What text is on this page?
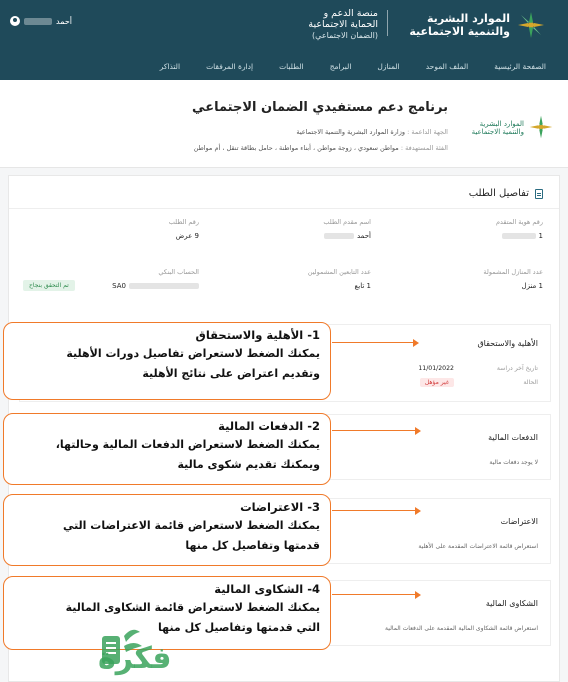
الموارد البشرية
والتنمية الاجتماعية
منصة الدعم و
الحماية الاجتماعية
(الضمان الاجتماعي)
أحمد
الصفحة الرئيسية
الملف الموحد
المنازل
البرامج
الطلبات
إدارة المرفقات
التذاكر
الموارد البشرية
والتنمية الاجتماعية
برنامج دعم مستفيدي الضمان الاجتماعي
الجهة الداعمة : وزارة الموارد البشرية والتنمية الاجتماعية
الفئة المستهدفة : مواطن سعودي ، زوجة مواطن ، أبناء مواطنة ، حامل بطاقة تنقل ، أم مواطن
تفاصيل الطلب
رقم هوية المتقدم
1
اسم مقدم الطلب
أحمد
رقم الطلب
9 عرض
عدد المنازل المشمولة
1 منزل
عدد التابعين المشمولين
1 تابع
الحساب البنكي
SA0
تم التحقق بنجاح
الأهلية والاستحقاق
تاريخ آخر دراسة
11/01/2022
الحالة
غير مؤهل
الدفعات المالية
لا يوجد دفعات مالية
الاعتراضات
استعراض قائمة الاعتراضات المقدمة على الأهلية
الشكاوى المالية
استعراض قائمة الشكاوى المالية المقدمة على الدفعات المالية
1- الأهلية والاستحقاق
يمكنك الضغط لاستعراض تفاصيل دورات الأهلية
وتقديم اعتراض على نتائج الأهلية
2- الدفعات المالية
يمكنك الضغط لاستعراض الدفعات المالية وحالتها،
ويمكنك تقديم شكوى مالية
3- الاعتراضات
يمكنك الضغط لاستعراض قائمة الاعتراضات التي
قدمتها وتفاصيل كل منها
4- الشكاوى المالية
يمكنك الضغط لاستعراض قائمة الشكاوى المالية
التي قدمتها وتفاصيل كل منها
فكرة
